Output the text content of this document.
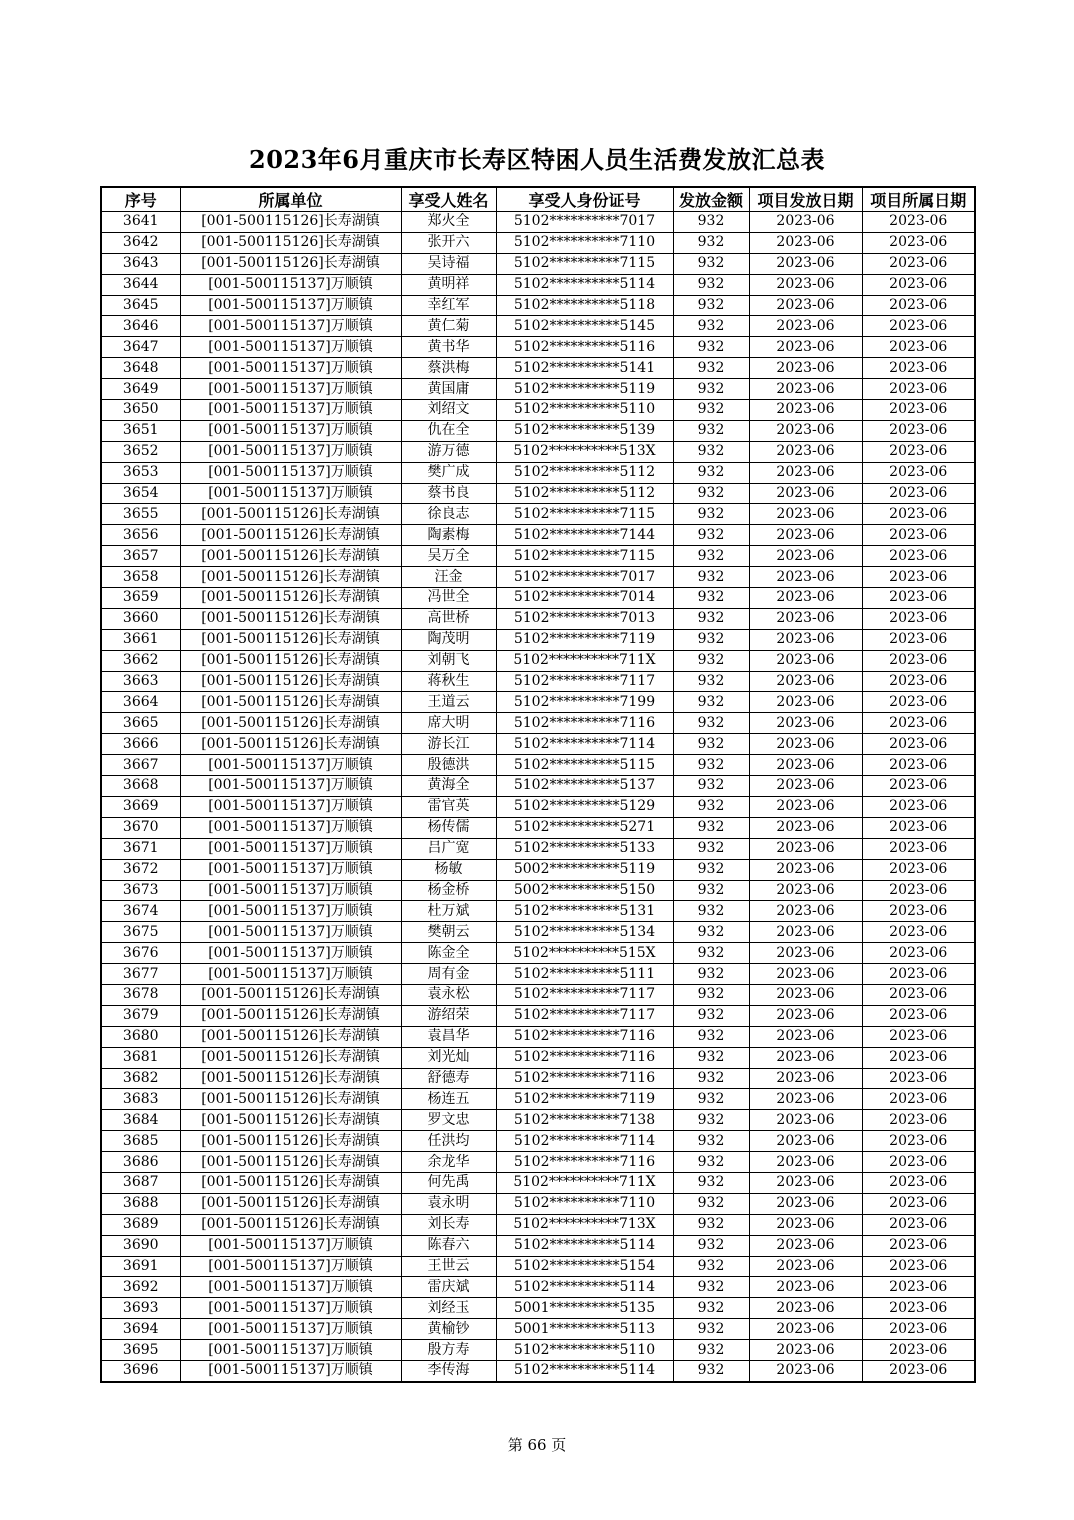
2023年6月重庆市长寿区特困人员生活费发放汇总表
序号	所属单位	享受人姓名	享受人身份证号	发放金额	项目发放日期	项目所属日期
3641	[001-500115126]长寿湖镇	郑火全	5102**********7017	932	2023-06	2023-06
3642	[001-500115126]长寿湖镇	张开六	5102**********7110	932	2023-06	2023-06
3643	[001-500115126]长寿湖镇	吴诗福	5102**********7115	932	2023-06	2023-06
3644	[001-500115137]万顺镇	黄明祥	5102**********5114	932	2023-06	2023-06
3645	[001-500115137]万顺镇	幸红军	5102**********5118	932	2023-06	2023-06
3646	[001-500115137]万顺镇	黄仁菊	5102**********5145	932	2023-06	2023-06
3647	[001-500115137]万顺镇	黄书华	5102**********5116	932	2023-06	2023-06
3648	[001-500115137]万顺镇	蔡洪梅	5102**********5141	932	2023-06	2023-06
3649	[001-500115137]万顺镇	黄国庸	5102**********5119	932	2023-06	2023-06
3650	[001-500115137]万顺镇	刘绍文	5102**********5110	932	2023-06	2023-06
3651	[001-500115137]万顺镇	仇在全	5102**********5139	932	2023-06	2023-06
3652	[001-500115137]万顺镇	游万德	5102**********513X	932	2023-06	2023-06
3653	[001-500115137]万顺镇	樊广成	5102**********5112	932	2023-06	2023-06
3654	[001-500115137]万顺镇	蔡书良	5102**********5112	932	2023-06	2023-06
3655	[001-500115126]长寿湖镇	徐良志	5102**********7115	932	2023-06	2023-06
3656	[001-500115126]长寿湖镇	陶素梅	5102**********7144	932	2023-06	2023-06
3657	[001-500115126]长寿湖镇	吴万全	5102**********7115	932	2023-06	2023-06
3658	[001-500115126]长寿湖镇	汪金	5102**********7017	932	2023-06	2023-06
3659	[001-500115126]长寿湖镇	冯世全	5102**********7014	932	2023-06	2023-06
3660	[001-500115126]长寿湖镇	高世桥	5102**********7013	932	2023-06	2023-06
3661	[001-500115126]长寿湖镇	陶茂明	5102**********7119	932	2023-06	2023-06
3662	[001-500115126]长寿湖镇	刘朝飞	5102**********711X	932	2023-06	2023-06
3663	[001-500115126]长寿湖镇	蒋秋生	5102**********7117	932	2023-06	2023-06
3664	[001-500115126]长寿湖镇	王道云	5102**********7199	932	2023-06	2023-06
3665	[001-500115126]长寿湖镇	席大明	5102**********7116	932	2023-06	2023-06
3666	[001-500115126]长寿湖镇	游长江	5102**********7114	932	2023-06	2023-06
3667	[001-500115137]万顺镇	殷德洪	5102**********5115	932	2023-06	2023-06
3668	[001-500115137]万顺镇	黄海全	5102**********5137	932	2023-06	2023-06
3669	[001-500115137]万顺镇	雷官英	5102**********5129	932	2023-06	2023-06
3670	[001-500115137]万顺镇	杨传儒	5102**********5271	932	2023-06	2023-06
3671	[001-500115137]万顺镇	吕广宽	5102**********5133	932	2023-06	2023-06
3672	[001-500115137]万顺镇	杨敏	5002**********5119	932	2023-06	2023-06
3673	[001-500115137]万顺镇	杨金桥	5002**********5150	932	2023-06	2023-06
3674	[001-500115137]万顺镇	杜万斌	5102**********5131	932	2023-06	2023-06
3675	[001-500115137]万顺镇	樊朝云	5102**********5134	932	2023-06	2023-06
3676	[001-500115137]万顺镇	陈金全	5102**********515X	932	2023-06	2023-06
3677	[001-500115137]万顺镇	周有金	5102**********5111	932	2023-06	2023-06
3678	[001-500115126]长寿湖镇	袁永松	5102**********7117	932	2023-06	2023-06
3679	[001-500115126]长寿湖镇	游绍荣	5102**********7117	932	2023-06	2023-06
3680	[001-500115126]长寿湖镇	袁昌华	5102**********7116	932	2023-06	2023-06
3681	[001-500115126]长寿湖镇	刘光灿	5102**********7116	932	2023-06	2023-06
3682	[001-500115126]长寿湖镇	舒德寿	5102**********7116	932	2023-06	2023-06
3683	[001-500115126]长寿湖镇	杨连五	5102**********7119	932	2023-06	2023-06
3684	[001-500115126]长寿湖镇	罗文忠	5102**********7138	932	2023-06	2023-06
3685	[001-500115126]长寿湖镇	任洪均	5102**********7114	932	2023-06	2023-06
3686	[001-500115126]长寿湖镇	余龙华	5102**********7116	932	2023-06	2023-06
3687	[001-500115126]长寿湖镇	何先禹	5102**********711X	932	2023-06	2023-06
3688	[001-500115126]长寿湖镇	袁永明	5102**********7110	932	2023-06	2023-06
3689	[001-500115126]长寿湖镇	刘长寿	5102**********713X	932	2023-06	2023-06
3690	[001-500115137]万顺镇	陈春六	5102**********5114	932	2023-06	2023-06
3691	[001-500115137]万顺镇	王世云	5102**********5154	932	2023-06	2023-06
3692	[001-500115137]万顺镇	雷庆斌	5102**********5114	932	2023-06	2023-06
3693	[001-500115137]万顺镇	刘经玉	5001**********5135	932	2023-06	2023-06
3694	[001-500115137]万顺镇	黄榆钞	5001**********5113	932	2023-06	2023-06
3695	[001-500115137]万顺镇	殷方寿	5102**********5110	932	2023-06	2023-06
3696	[001-500115137]万顺镇	李传海	5102**********5114	932	2023-06	2023-06
第 66 页
